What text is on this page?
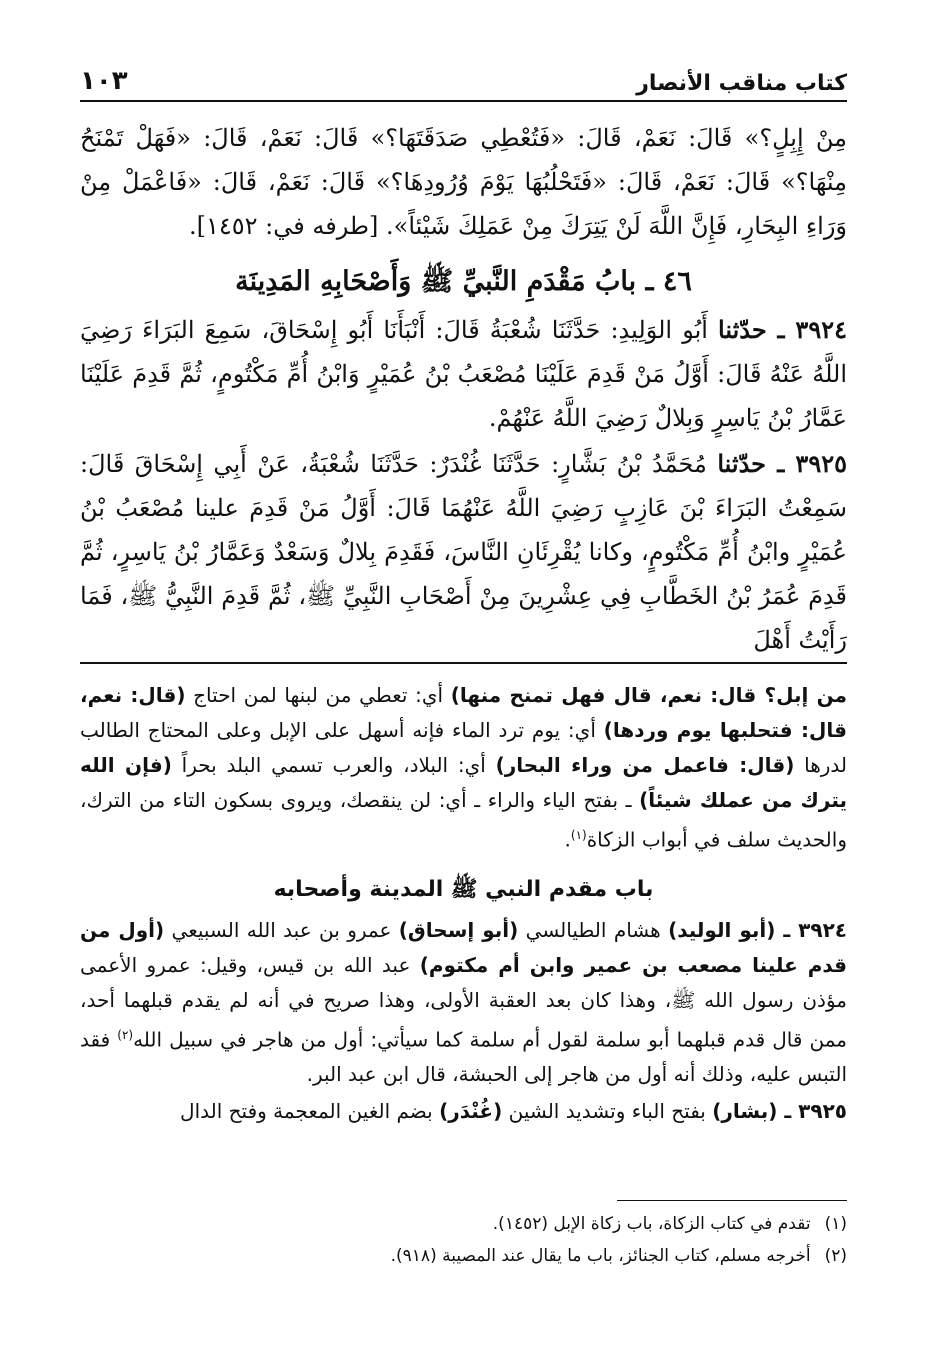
كتاب مناقب الأنصار
١٠٣

مِنْ إِبِلٍ؟» قَالَ: نَعَمْ، قَالَ: «فَتُعْطِي صَدَقَتَهَا؟» قَالَ: نَعَمْ، قَالَ: «فَهَلْ تَمْنَحُ مِنْهَا؟» قَالَ: نَعَمْ، قَالَ: «فَتَحْلُبُهَا يَوْمَ وُرُودِهَا؟» قَالَ: نَعَمْ، قَالَ: «فَاعْمَلْ مِنْ وَرَاءِ البِحَارِ، فَإِنَّ اللَّهَ لَنْ يَتِرَكَ مِنْ عَمَلِكَ شَيْئاً». [طرفه في: ١٤٥٢].

٤٦ ـ بابُ مَقْدَمِ النَّبيِّ ﷺ وَأَصْحَابِهِ المَدِينَة

٣٩٢٤ ـ حدّثنا أَبُو الوَلِيدِ: حَدَّثَنَا شُعْبَةُ قَالَ: أَنْبَأَنَا أَبُو إِسْحَاقَ، سَمِعَ البَرَاءَ رَضِيَ اللَّهُ عَنْهُ قَالَ: أَوَّلُ مَنْ قَدِمَ عَلَيْنَا مُصْعَبُ بْنُ عُمَيْرٍ وَابْنُ أُمِّ مَكْتُومٍ، ثُمَّ قَدِمَ عَلَيْنَا عَمَّارُ بْنُ يَاسِرٍ وَبِلالٌ رَضِيَ اللَّهُ عَنْهُمْ.

٣٩٢٥ ـ حدّثنا مُحَمَّدُ بْنُ بَشَّارٍ: حَدَّثَنَا غُنْدَرٌ: حَدَّثَنَا شُعْبَةُ، عَنْ أَبِي إِسْحَاقَ قَالَ: سَمِعْتُ البَرَاءَ بْنَ عَازِبٍ رَضِيَ اللَّهُ عَنْهُمَا قَالَ: أَوَّلُ مَنْ قَدِمَ علينا مُصْعَبُ بْنُ عُمَيْرٍ وابْنُ أُمِّ مَكْتُومٍ، وكانا يُقْرِئَانِ النَّاسَ، فَقَدِمَ بِلالٌ وَسَعْدٌ وَعَمَّارُ بْنُ يَاسِرٍ، ثُمَّ قَدِمَ عُمَرُ بْنُ الخَطَّابِ فِي عِشْرِينَ مِنْ أَصْحَابِ النَّبِيِّ ﷺ، ثُمَّ قَدِمَ النَّبِيُّ ﷺ، فَمَا رَأَيْتُ أَهْلَ

من إبل؟ قال: نعم، قال فهل تمنح منها) أي: تعطي من لبنها لمن احتاج (قال: نعم، قال: فتحلبها يوم وردها) أي: يوم ترد الماء فإنه أسهل على الإبل وعلى المحتاج الطالب لدرها (قال: فاعمل من وراء البحار) أي: البلاد، والعرب تسمي البلد بحراً (فإن الله يترك من عملك شيئاً) ـ بفتح الياء والراء ـ أي: لن ينقصك، ويروى بسكون التاء من الترك، والحديث سلف في أبواب الزكاة$^{(١)}$.

باب مقدم النبي ﷺ المدينة وأصحابه

٣٩٢٤ ـ (أبو الوليد) هشام الطيالسي (أبو إسحاق) عمرو بن عبد الله السبيعي (أول من قدم علينا مصعب بن عمير وابن أم مكتوم) عبد الله بن قيس، وقيل: عمرو الأعمى مؤذن رسول الله ﷺ، وهذا كان بعد العقبة الأولى، وهذا صريح في أنه لم يقدم قبلهما أحد، ممن قال قدم قبلهما أبو سلمة لقول أم سلمة كما سيأتي: أول من هاجر في سبيل الله$^{(٢)}$ فقد التبس عليه، وذلك أنه أول من هاجر إلى الحبشة، قال ابن عبد البر.

٣٩٢٥ ـ (بشار) بفتح الباء وتشديد الشين (غُنْدَر) بضم الغين المعجمة وفتح الدال

(١)تقدم في كتاب الزكاة، باب زكاة الإبل (١٤٥٢).

(٢)أخرجه مسلم، كتاب الجنائز، باب ما يقال عند المصيبة (٩١٨).
